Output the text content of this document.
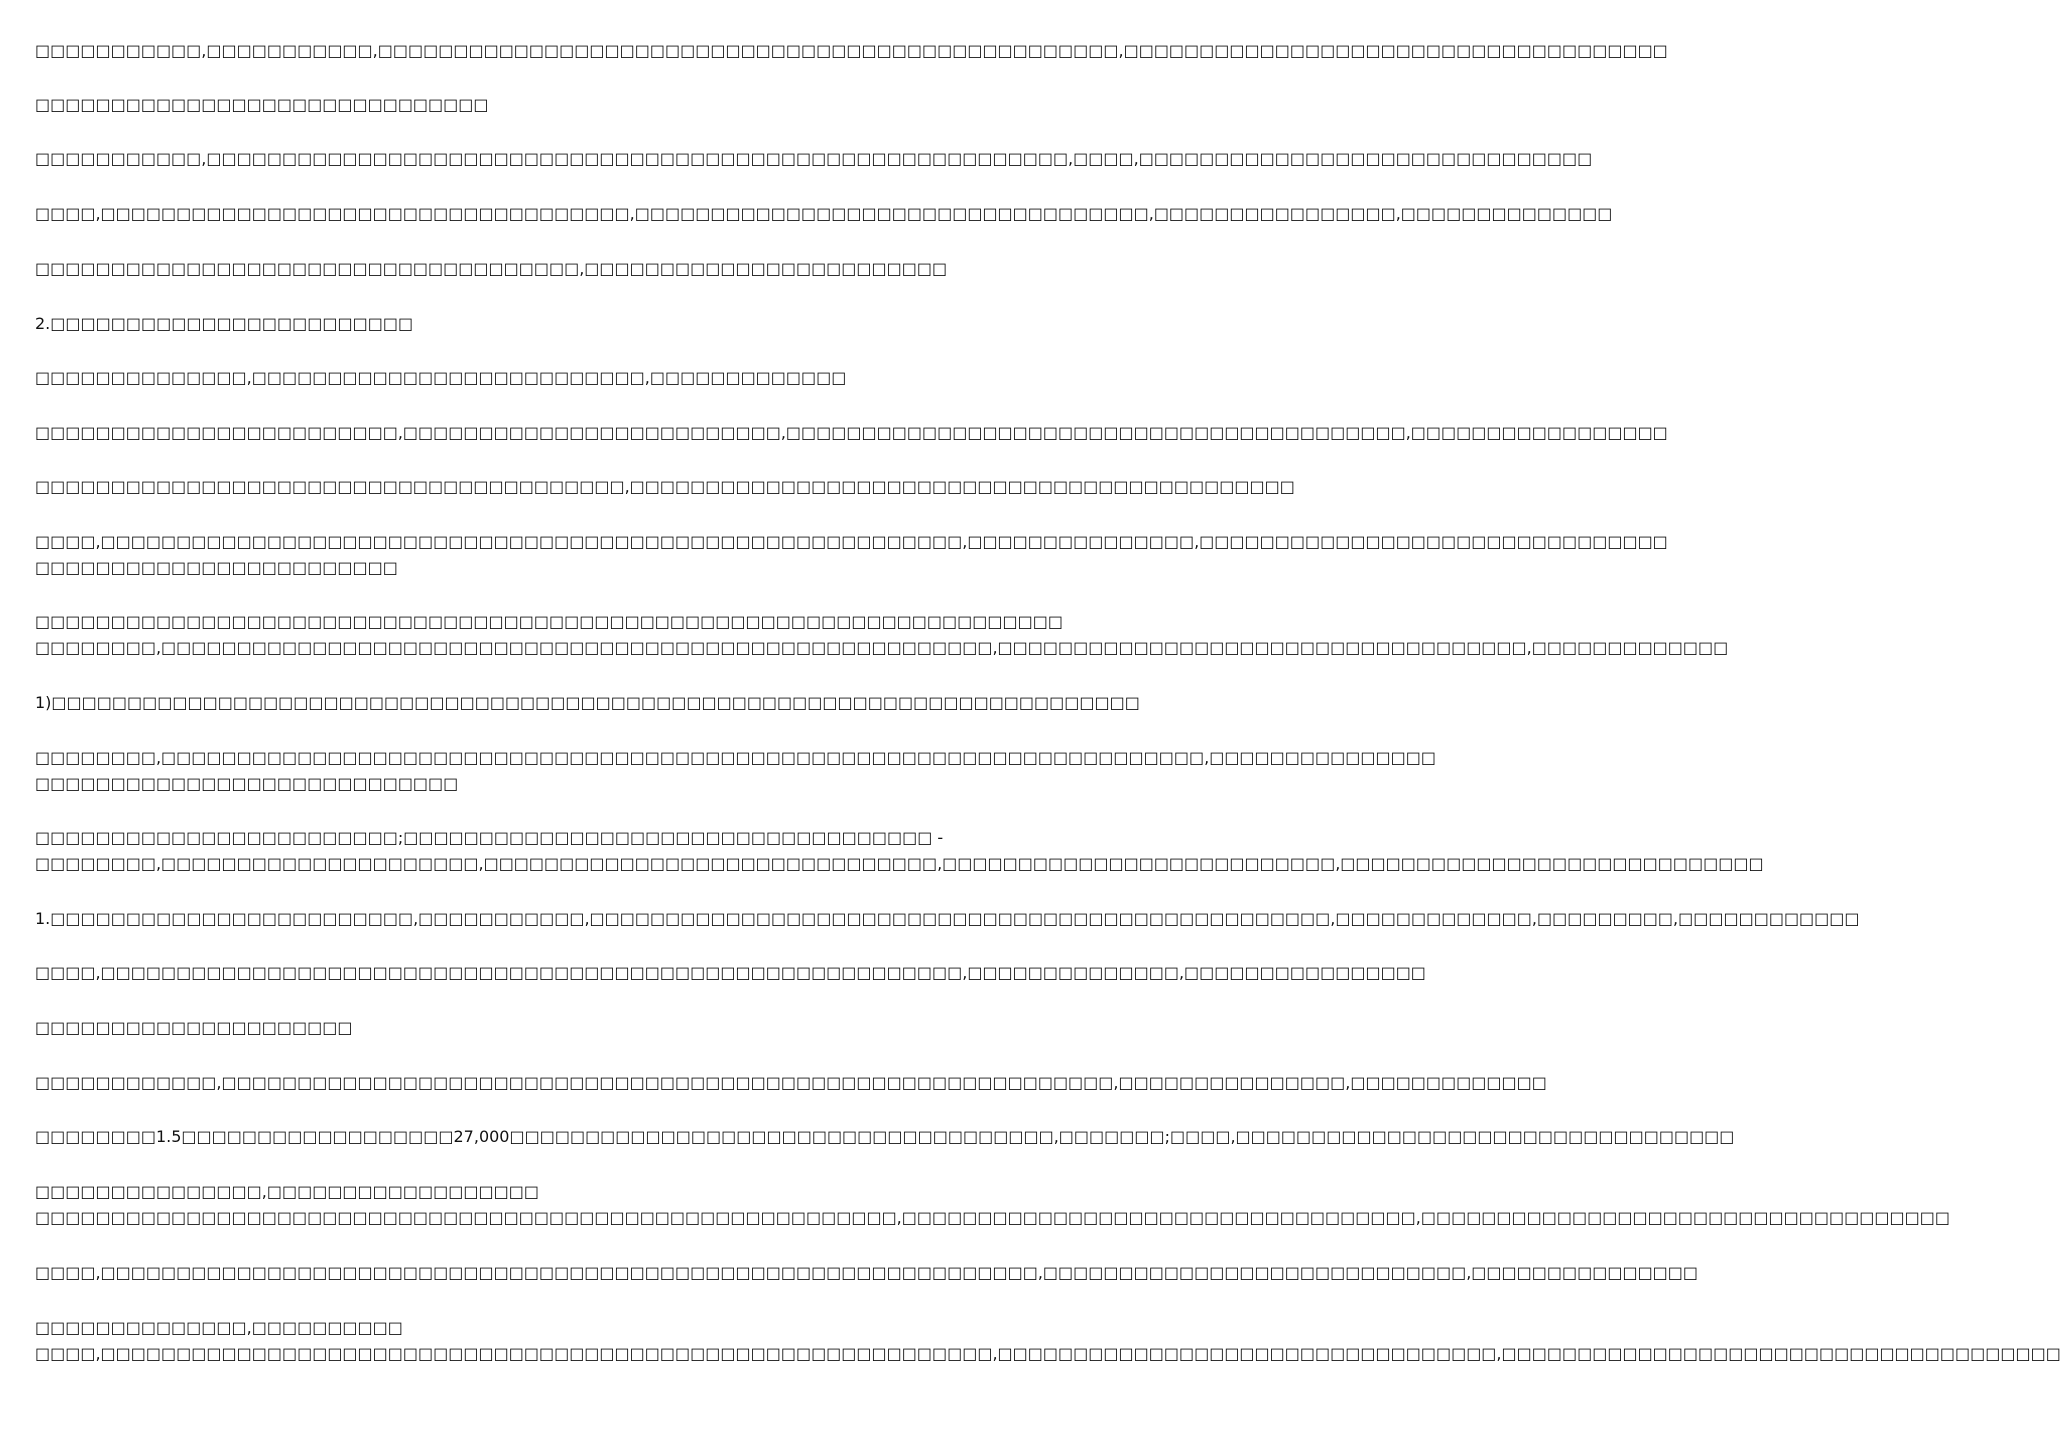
□□□□□□□□□□□,□□□□□□□□□□□,□□□□□□□□□□□□□□□□□□□□□□□□□□□□□□□□□□□□□□□□□□□□□□□□□,□□□□□□□□□□□□□□□□□□□□□□□□□□□□□□□□□□□□

□□□□□□□□□□□□□□□□□□□□□□□□□□□□□□

□□□□□□□□□□□,□□□□□□□□□□□□□□□□□□□□□□□□□□□□□□□□□□□□□□□□□□□□□□□□□□□□□□□□□,□□□□,□□□□□□□□□□□□□□□□□□□□□□□□□□□□□□

□□□□,□□□□□□□□□□□□□□□□□□□□□□□□□□□□□□□□□□□,□□□□□□□□□□□□□□□□□□□□□□□□□□□□□□□□□□,□□□□□□□□□□□□□□□□,□□□□□□□□□□□□□□

□□□□□□□□□□□□□□□□□□□□□□□□□□□□□□□□□□□□,□□□□□□□□□□□□□□□□□□□□□□□□

2.□□□□□□□□□□□□□□□□□□□□□□□□

□□□□□□□□□□□□□□,□□□□□□□□□□□□□□□□□□□□□□□□□□,□□□□□□□□□□□□□

□□□□□□□□□□□□□□□□□□□□□□□□,□□□□□□□□□□□□□□□□□□□□□□□□□,□□□□□□□□□□□□□□□□□□□□□□□□□□□□□□□□□□□□□□□□□,□□□□□□□□□□□□□□□□□

□□□□□□□□□□□□□□□□□□□□□□□□□□□□□□□□□□□□□□□,□□□□□□□□□□□□□□□□□□□□□□□□□□□□□□□□□□□□□□□□□□□□

□□□□,□□□□□□□□□□□□□□□□□□□□□□□□□□□□□□□□□□□□□□□□□□□□□□□□□□□□□□□□□,□□□□□□□□□□□□□□□,□□□□□□□□□□□□□□□□□□□□□□□□□□□□□□□
□□□□□□□□□□□□□□□□□□□□□□□□

□□□□□□□□□□□□□□□□□□□□□□□□□□□□□□□□□□□□□□□□□□□□□□□□□□□□□□□□□□□□□□□□□□□□
□□□□□□□□,□□□□□□□□□□□□□□□□□□□□□□□□□□□□□□□□□□□□□□□□□□□□□□□□□□□□□□□,□□□□□□□□□□□□□□□□□□□□□□□□□□□□□□□□□□□,□□□□□□□□□□□□□

1)□□□□□□□□□□□□□□□□□□□□□□□□□□□□□□□□□□□□□□□□□□□□□□□□□□□□□□□□□□□□□□□□□□□□□□□□

□□□□□□□□,□□□□□□□□□□□□□□□□□□□□□□□□□□□□□□□□□□□□□□□□□□□□□□□□□□□□□□□□□□□□□□□□□□□□□,□□□□□□□□□□□□□□□
□□□□□□□□□□□□□□□□□□□□□□□□□□□□

□□□□□□□□□□□□□□□□□□□□□□□□;□□□□□□□□□□□□□□□□□□□□□□□□□□□□□□□□□□□ -
□□□□□□□□,□□□□□□□□□□□□□□□□□□□□□,□□□□□□□□□□□□□□□□□□□□□□□□□□□□□□,□□□□□□□□□□□□□□□□□□□□□□□□□□,□□□□□□□□□□□□□□□□□□□□□□□□□□□□

1.□□□□□□□□□□□□□□□□□□□□□□□□,□□□□□□□□□□□,□□□□□□□□□□□□□□□□□□□□□□□□□□□□□□□□□□□□□□□□□□□□□□□□□,□□□□□□□□□□□□□,□□□□□□□□□,□□□□□□□□□□□□

□□□□,□□□□□□□□□□□□□□□□□□□□□□□□□□□□□□□□□□□□□□□□□□□□□□□□□□□□□□□□□,□□□□□□□□□□□□□□,□□□□□□□□□□□□□□□□

□□□□□□□□□□□□□□□□□□□□□

□□□□□□□□□□□□,□□□□□□□□□□□□□□□□□□□□□□□□□□□□□□□□□□□□□□□□□□□□□□□□□□□□□□□□□□□,□□□□□□□□□□□□□□□,□□□□□□□□□□□□□

□□□□□□□□1.5□□□□□□□□□□□□□□□□□□27,000□□□□□□□□□□□□□□□□□□□□□□□□□□□□□□□□□□□□,□□□□□□□;□□□□,□□□□□□□□□□□□□□□□□□□□□□□□□□□□□□□□□

□□□□□□□□□□□□□□□,□□□□□□□□□□□□□□□□□□
□□□□□□□□□□□□□□□□□□□□□□□□□□□□□□□□□□□□□□□□□□□□□□□□□□□□□□□□□,□□□□□□□□□□□□□□□□□□□□□□□□□□□□□□□□□□,□□□□□□□□□□□□□□□□□□□□□□□□□□□□□□□□□□□

□□□□,□□□□□□□□□□□□□□□□□□□□□□□□□□□□□□□□□□□□□□□□□□□□□□□□□□□□□□□□□□□□□□,□□□□□□□□□□□□□□□□□□□□□□□□□□□□,□□□□□□□□□□□□□□□

□□□□□□□□□□□□□□,□□□□□□□□□□
□□□□,□□□□□□□□□□□□□□□□□□□□□□□□□□□□□□□□□□□□□□□□□□□□□□□□□□□□□□□□□□□,□□□□□□□□□□□□□□□□□□□□□□□□□□□□□□□□□,□□□□□□□□□□□□□□□□□□□□□□□□□□□□□□□□□□□□□
